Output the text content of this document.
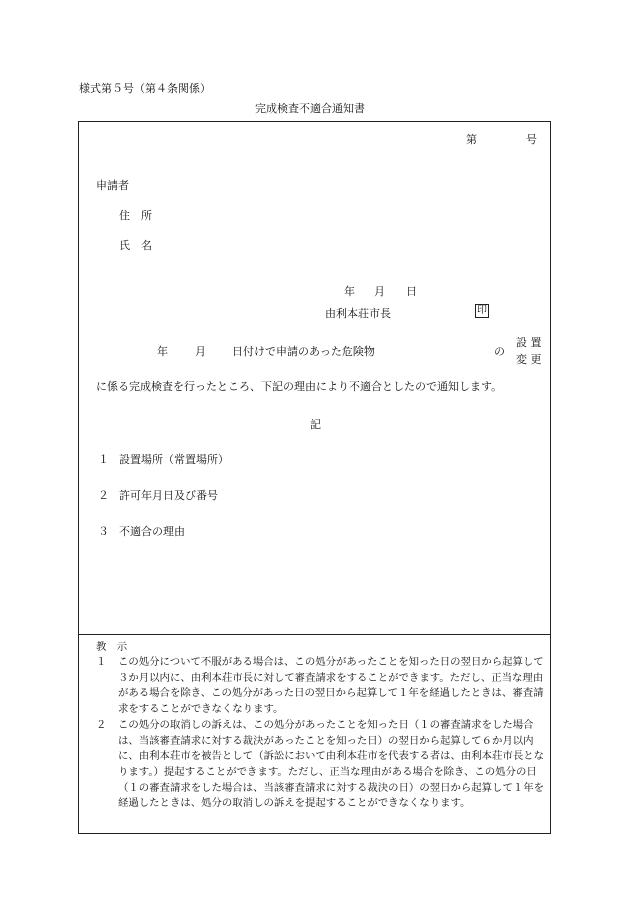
様式第５号（第４条関係）
完成検査不適合通知書
第	号
申請者
住　所
氏　名
年 月 日
由利本荘市長	印
年 月 日付けで申請のあった危険物	の
設 置
変 更
に係る完成検査を行ったところ、下記の理由により不適合としたので通知します。
記
１ 設置場所（常置場所）
２ 許可年月日及び番号
３ 不適合の理由
教　示
１	この処分について不服がある場合は、この処分があったことを知った日の翌日から起算して３か月以内に、由利本荘市長に対して審査請求をすることができます。ただし、正当な理由がある場合を除き、この処分があった日の翌日から起算して１年を経過したときは、審査請求をすることができなくなります。
２	この処分の取消しの訴えは、この処分があったことを知った日（１の審査請求をした場合は、当該審査請求に対する裁決があったことを知った日）の翌日から起算して６か月以内に、由利本荘市を被告として（訴訟において由利本荘市を代表する者は、由利本荘市長となります。）提起することができます。ただし、正当な理由がある場合を除き、この処分の日（１の審査請求をした場合は、当該審査請求に対する裁決の日）の翌日から起算して１年を経過したときは、処分の取消しの訴えを提起することができなくなります。
